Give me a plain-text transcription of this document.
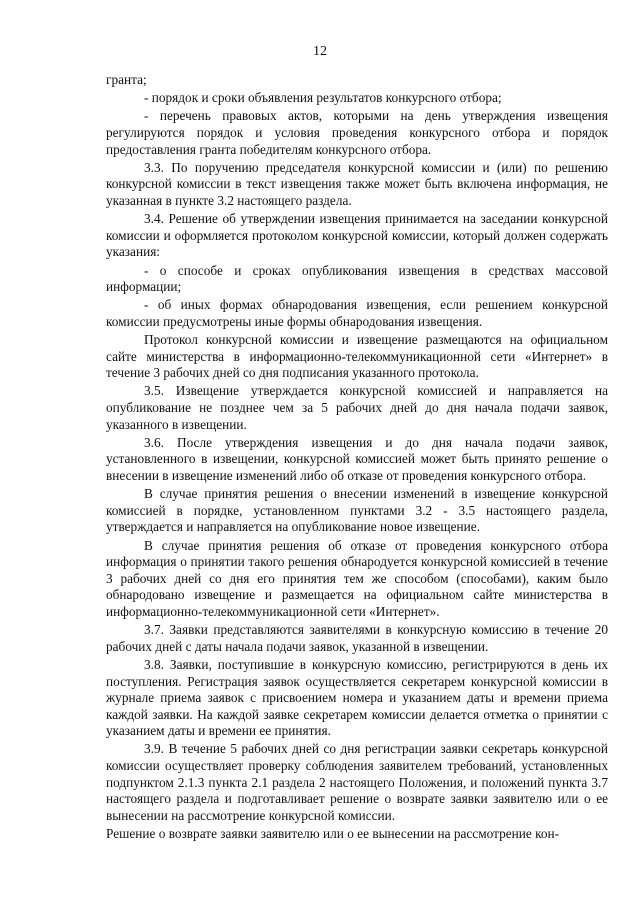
12

гранта;

- порядок и сроки объявления результатов конкурсного отбора;

- перечень правовых актов, которыми на день утверждения извещения регулируются порядок и условия проведения конкурсного отбора и порядок предоставления гранта победителям конкурсного отбора.

3.3. По поручению председателя конкурсной комиссии и (или) по решению конкурсной комиссии в текст извещения также может быть включена информация, не указанная в пункте 3.2 настоящего раздела.

3.4. Решение об утверждении извещения принимается на заседании конкурсной комиссии и оформляется протоколом конкурсной комиссии, который должен содержать указания:

- о способе и сроках опубликования извещения в средствах массовой информации;

- об иных формах обнародования извещения, если решением конкурсной комиссии предусмотрены иные формы обнародования извещения.

Протокол конкурсной комиссии и извещение размещаются на официальном сайте министерства в информационно-телекоммуникационной сети «Интернет» в течение 3 рабочих дней со дня подписания указанного протокола.

3.5. Извещение утверждается конкурсной комиссией и направляется на опубликование не позднее чем за 5 рабочих дней до дня начала подачи заявок, указанного в извещении.

3.6. После утверждения извещения и до дня начала подачи заявок, установленного в извещении, конкурсной комиссией может быть принято решение о внесении в извещение изменений либо об отказе от проведения конкурсного отбора.

В случае принятия решения о внесении изменений в извещение конкурсной комиссией в порядке, установленном пунктами 3.2 - 3.5 настоящего раздела, утверждается и направляется на опубликование новое извещение.

В случае принятия решения об отказе от проведения конкурсного отбора информация о принятии такого решения обнародуется конкурсной комиссией в течение 3 рабочих дней со дня его принятия тем же способом (способами), каким было обнародовано извещение и размещается на официальном сайте министерства в информационно-телекоммуникационной сети «Интернет».

3.7. Заявки представляются заявителями в конкурсную комиссию в течение 20 рабочих дней с даты начала подачи заявок, указанной в извещении.

3.8. Заявки, поступившие в конкурсную комиссию, регистрируются в день их поступления. Регистрация заявок осуществляется секретарем конкурсной комиссии в журнале приема заявок с присвоением номера и указанием даты и времени приема каждой заявки. На каждой заявке секретарем комиссии делается отметка о принятии с указанием даты и времени ее принятия.

3.9. В течение 5 рабочих дней со дня регистрации заявки секретарь конкурсной комиссии осуществляет проверку соблюдения заявителем требований, установленных подпунктом 2.1.3 пункта 2.1 раздела 2 настоящего Положения, и положений пункта 3.7 настоящего раздела и подготавливает решение о возврате заявки заявителю или о ее вынесении на рассмотрение конкурсной комиссии.

Решение о возврате заявки заявителю или о ее вынесении на рассмотрение кон-
